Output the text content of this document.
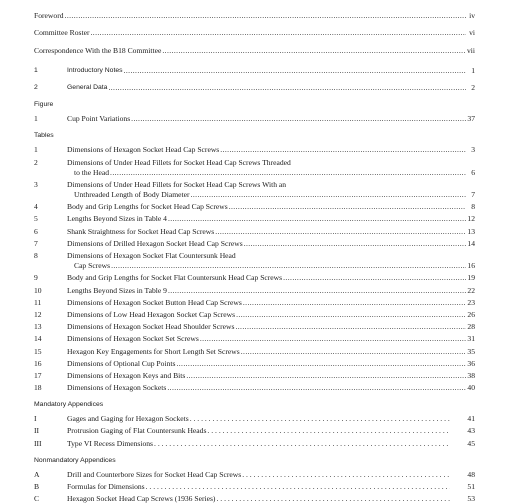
Foreword .....	iv
Committee Roster .....	vi
Correspondence With the B18 Committee .....	vii
1	Introductory Notes .....	1
2	General Data .....	2
Figure
1	Cup Point Variations .....	37
Tables
1	Dimensions of Hexagon Socket Head Cap Screws .....	3
2	Dimensions of Under Head Fillets for Socket Head Cap Screws Threaded
to the Head .....	6
3	Dimensions of Under Head Fillets for Socket Head Cap Screws With an
Unthreaded Length of Body Diameter .....	7
4	Body and Grip Lengths for Socket Head Cap Screws .....	8
5	Lengths Beyond Sizes in Table 4 .....	12
6	Shank Straightness for Socket Head Cap Screws .....	13
7	Dimensions of Drilled Hexagon Socket Head Cap Screws .....	14
8	Dimensions of Hexagon Socket Flat Countersunk Head
Cap Screws .....	16
9	Body and Grip Lengths for Socket Flat Countersunk Head Cap Screws .....	19
10	Lengths Beyond Sizes in Table 9 .....	22
11	Dimensions of Hexagon Socket Button Head Cap Screws .....	23
12	Dimensions of Low Head Hexagon Socket Cap Screws .....	26
13	Dimensions of Hexagon Socket Head Shoulder Screws .....	28
14	Dimensions of Hexagon Socket Set Screws .....	31
15	Hexagon Key Engagements for Short Length Set Screws .....	35
16	Dimensions of Optional Cup Points .....	36
17	Dimensions of Hexagon Keys and Bits .....	38
18	Dimensions of Hexagon Sockets .....	40
Mandatory Appendices
I	Gages and Gaging for Hexagon Sockets . . .	41
II	Protrusion Gaging of Flat Countersunk Heads . . .	43
III	Type VI Recess Dimensions . . .	45
Nonmandatory Appendices
A	Drill and Counterbore Sizes for Socket Head Cap Screws . . .	48
B	Formulas for Dimensions . . .	51
C	Hexagon Socket Head Cap Screws (1936 Series) . . .	53
